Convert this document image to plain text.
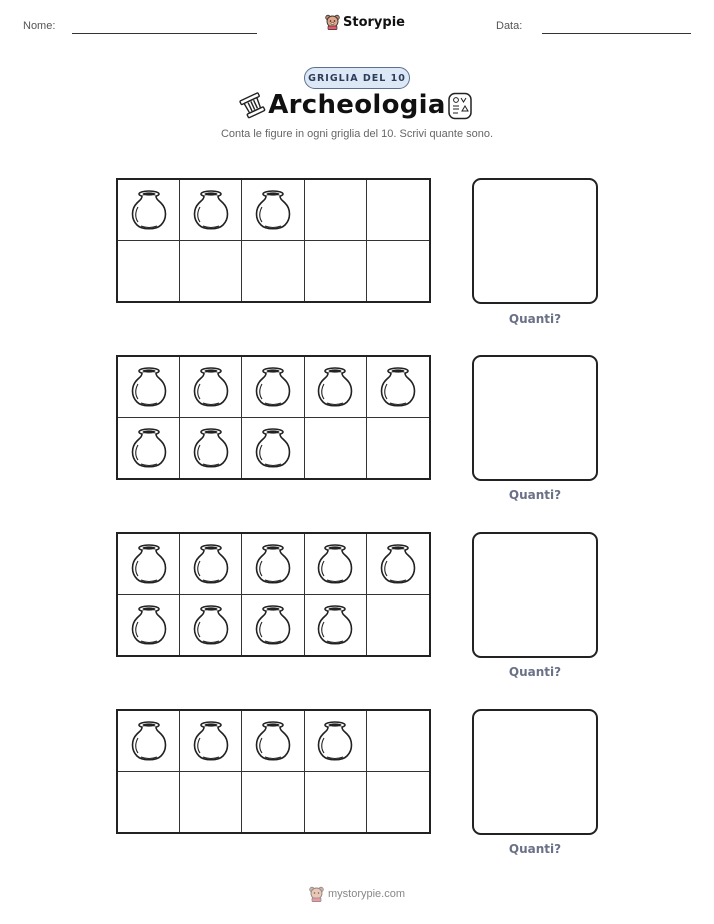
Nome:	Storypie	Data:
GRIGLIA DEL 10
Archeologia
Conta le figure in ogni griglia del 10. Scrivi quante sono.
Quanti?
Quanti?
Quanti?
Quanti?
mystorypie.com
